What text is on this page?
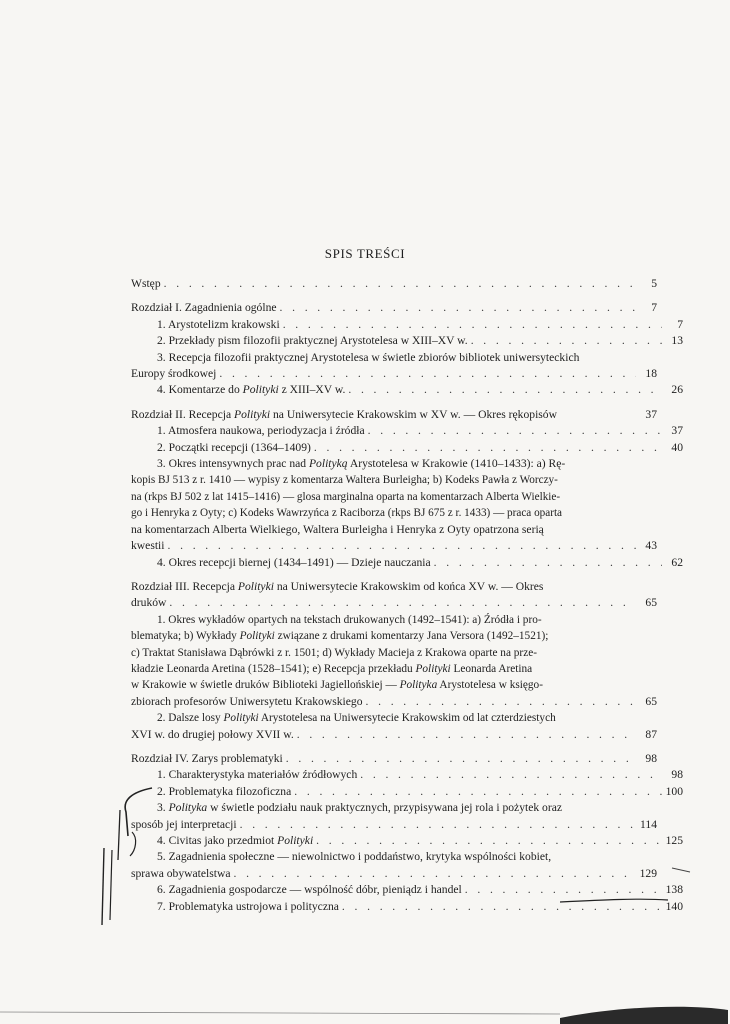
SPIS TREŚCI
Wstęp . . .	5
Rozdział I. Zagadnienia ogólne . . .	7
1. Arystotelizm krakowski . . .	7
2. Przekłady pism filozofii praktycznej Arystotelesa w XIII–XV w. . . .	13
3. Recepcja filozofii praktycznej Arystotelesa w świetle zbiorów bibliotek uniwersyteckich
Europy środkowej . . .	18
4. Komentarze do Polityki z XIII–XV w. . . .	26
Rozdział II. Recepcja Polityki na Uniwersytecie Krakowskim w XV w. — Okres rękopisów	37
1. Atmosfera naukowa, periodyzacja i źródła . . .	37
2. Początki recepcji (1364–1409) . . .	40
3. Okres intensywnych prac nad Polityką Arystotelesa w Krakowie (1410–1433): a) Rę-
kopis BJ 513 z r. 1410 — wypisy z komentarza Waltera Burleigha; b) Kodeks Pawła z Worczy-
na (rkps BJ 502 z lat 1415–1416) — glosa marginalna oparta na komentarzach Alberta Wielkie-
go i Henryka z Oyty; c) Kodeks Wawrzyńca z Raciborza (rkps BJ 675 z r. 1433) — praca oparta
na komentarzach Alberta Wielkiego, Waltera Burleigha i Henryka z Oyty opatrzona serią
kwestii . . .	43
4. Okres recepcji biernej (1434–1491) — Dzieje nauczania . . .	62
Rozdział III. Recepcja Polityki na Uniwersytecie Krakowskim od końca XV w. — Okres
druków . . .	65
1. Okres wykładów opartych na tekstach drukowanych (1492–1541): a) Źródła i pro-
blematyka; b) Wykłady Polityki związane z drukami komentarzy Jana Versora (1492–1521);
c) Traktat Stanisława Dąbrówki z r. 1501; d) Wykłady Macieja z Krakowa oparte na prze-
kładzie Leonarda Aretina (1528–1541); e) Recepcja przekładu Polityki Leonarda Aretina
w Krakowie w świetle druków Biblioteki Jagiellońskiej — Polityka Arystotelesa w księgo-
zbiorach profesorów Uniwersytetu Krakowskiego . . .	65
2. Dalsze losy Polityki Arystotelesa na Uniwersytecie Krakowskim od lat czterdziestych
XVI w. do drugiej połowy XVII w. . . .	87
Rozdział IV. Zarys problematyki . . .	98
1. Charakterystyka materiałów źródłowych . . .	98
2. Problematyka filozoficzna . . .	100
3. Polityka w świetle podziału nauk praktycznych, przypisywana jej rola i pożytek oraz
sposób jej interpretacji . . .	114
4. Civitas jako przedmiot Polityki . . .	125
5. Zagadnienia społeczne — niewolnictwo i poddaństwo, krytyka wspólności kobiet,
sprawa obywatelstwa . . .	129
6. Zagadnienia gospodarcze — wspólność dóbr, pieniądz i handel . . .	138
7. Problematyka ustrojowa i polityczna . . .	140
